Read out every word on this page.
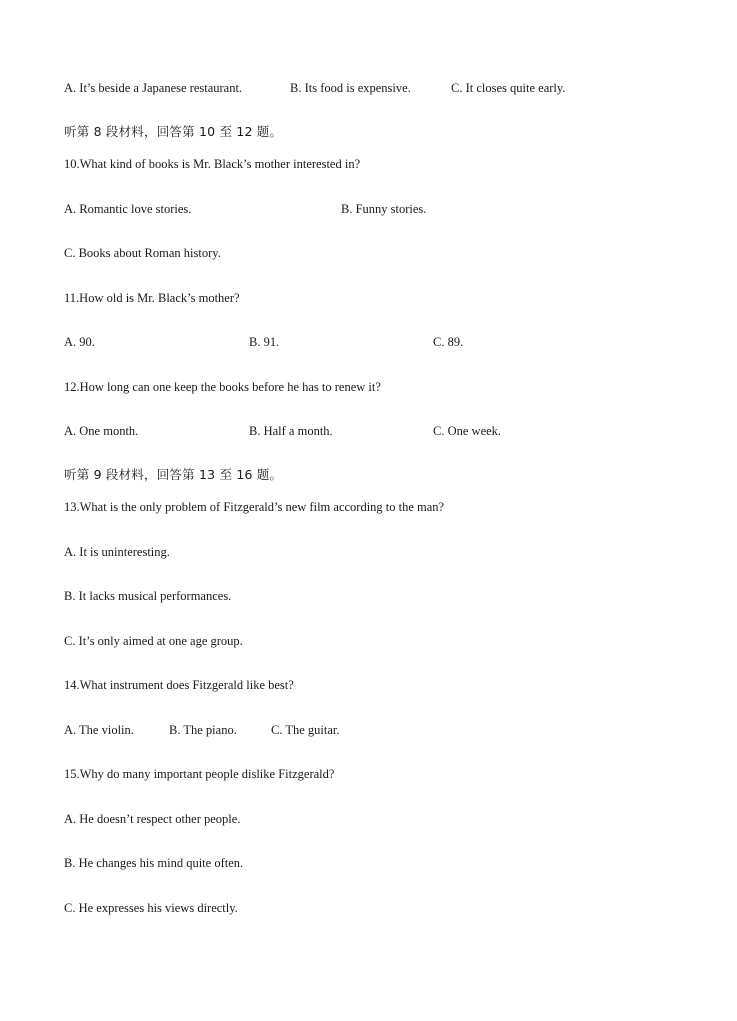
A. It’s beside a Japanese restaurant.	B. Its food is expensive.	C. It closes quite early.
听第 8 段材料，回答第 10 至 12 题。
10.What kind of books is Mr. Black’s mother interested in?
A. Romantic love stories.	B. Funny stories.
C. Books about Roman history.
11.How old is Mr. Black’s mother?
A. 90.	B. 91.	C. 89.
12.How long can one keep the books before he has to renew it?
A. One month.	B. Half a month.	C. One week.
听第 9 段材料，回答第 13 至 16 题。
13.What is the only problem of Fitzgerald’s new film according to the man?
A. It is uninteresting.
B. It lacks musical performances.
C. It’s only aimed at one age group.
14.What instrument does Fitzgerald like best?
A. The violin.	B. The piano.	C. The guitar.
15.Why do many important people dislike Fitzgerald?
A. He doesn’t respect other people.
B. He changes his mind quite often.
C. He expresses his views directly.
